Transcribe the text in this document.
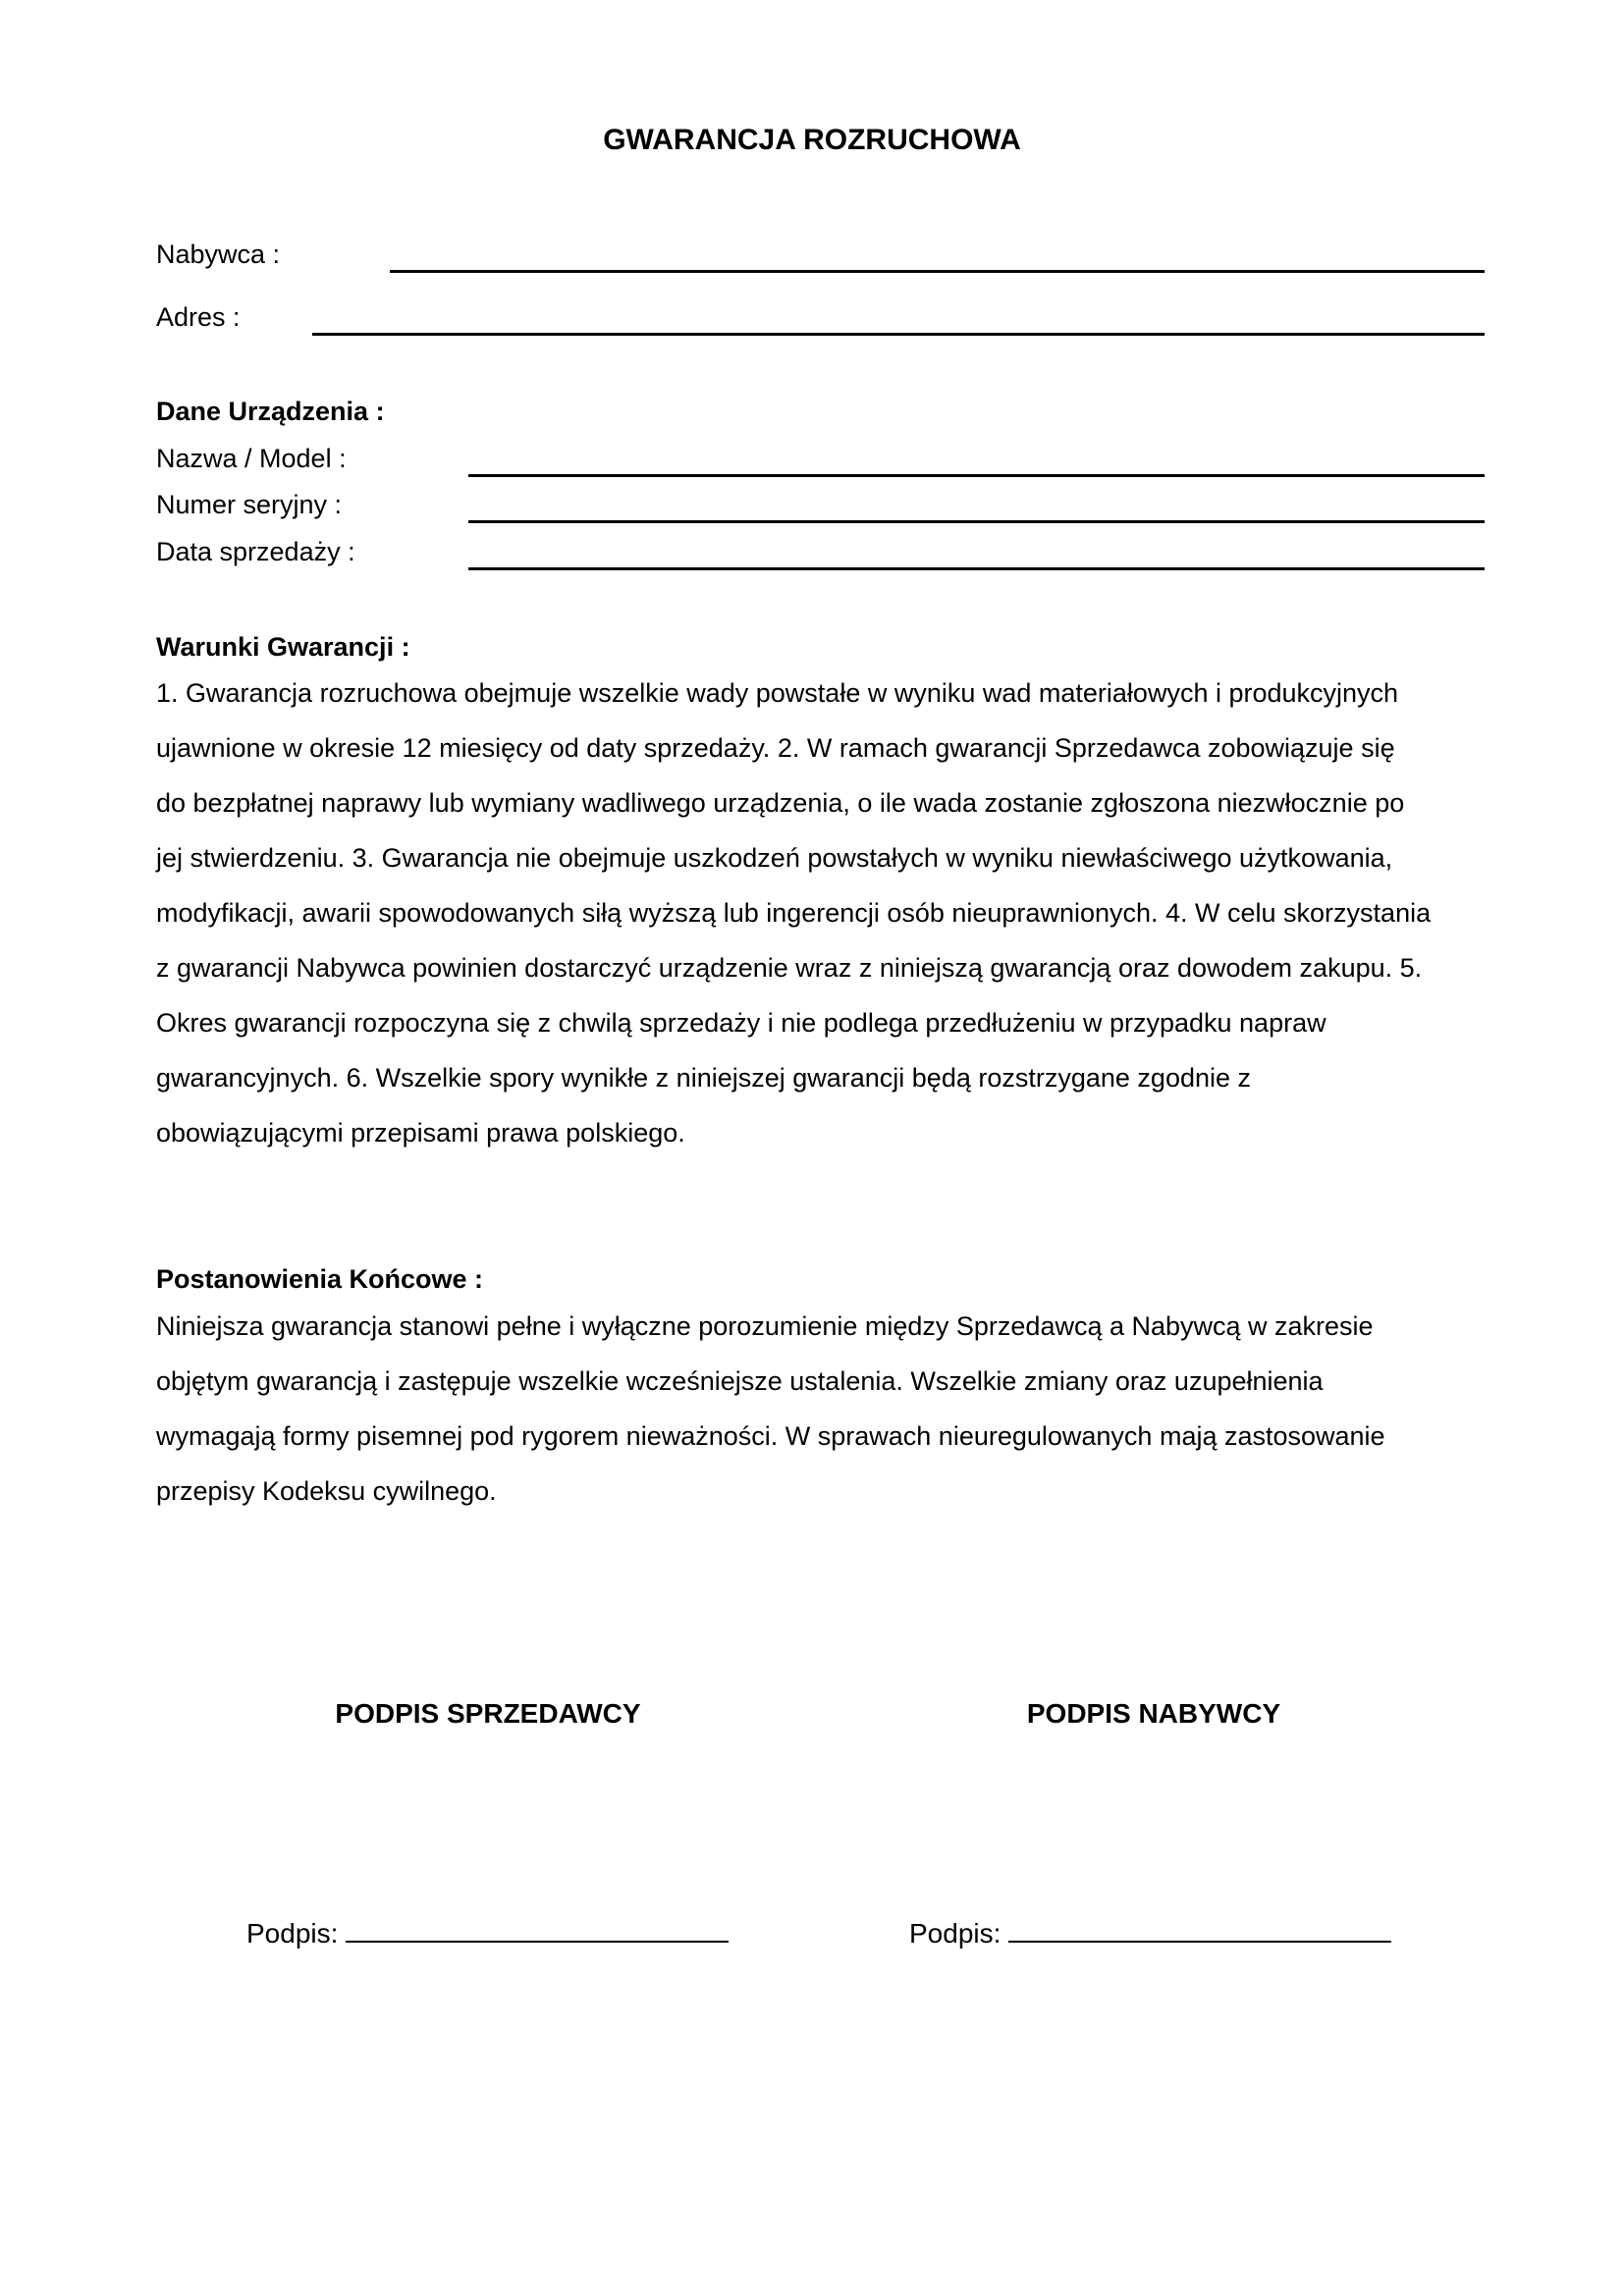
GWARANCJA ROZRUCHOWA
Nabywca :
Adres :
Dane Urządzenia :
Nazwa / Model :
Numer seryjny :
Data sprzedaży :
Warunki Gwarancji :
1. Gwarancja rozruchowa obejmuje wszelkie wady powstałe w wyniku wad materiałowych i produkcyjnych
ujawnione w okresie 12 miesięcy od daty sprzedaży. 2. W ramach gwarancji Sprzedawca zobowiązuje się
do bezpłatnej naprawy lub wymiany wadliwego urządzenia, o ile wada zostanie zgłoszona niezwłocznie po
jej stwierdzeniu. 3. Gwarancja nie obejmuje uszkodzeń powstałych w wyniku niewłaściwego użytkowania,
modyfikacji, awarii spowodowanych siłą wyższą lub ingerencji osób nieuprawnionych. 4. W celu skorzystania
z gwarancji Nabywca powinien dostarczyć urządzenie wraz z niniejszą gwarancją oraz dowodem zakupu. 5.
Okres gwarancji rozpoczyna się z chwilą sprzedaży i nie podlega przedłużeniu w przypadku napraw
gwarancyjnych. 6. Wszelkie spory wynikłe z niniejszej gwarancji będą rozstrzygane zgodnie z
obowiązującymi przepisami prawa polskiego.
Postanowienia Końcowe :
Niniejsza gwarancja stanowi pełne i wyłączne porozumienie między Sprzedawcą a Nabywcą w zakresie
objętym gwarancją i zastępuje wszelkie wcześniejsze ustalenia. Wszelkie zmiany oraz uzupełnienia
wymagają formy pisemnej pod rygorem nieważności. W sprawach nieuregulowanych mają zastosowanie
przepisy Kodeksu cywilnego.
PODPIS SPRZEDAWCY	PODPIS NABYWCY
Podpis:	Podpis:
